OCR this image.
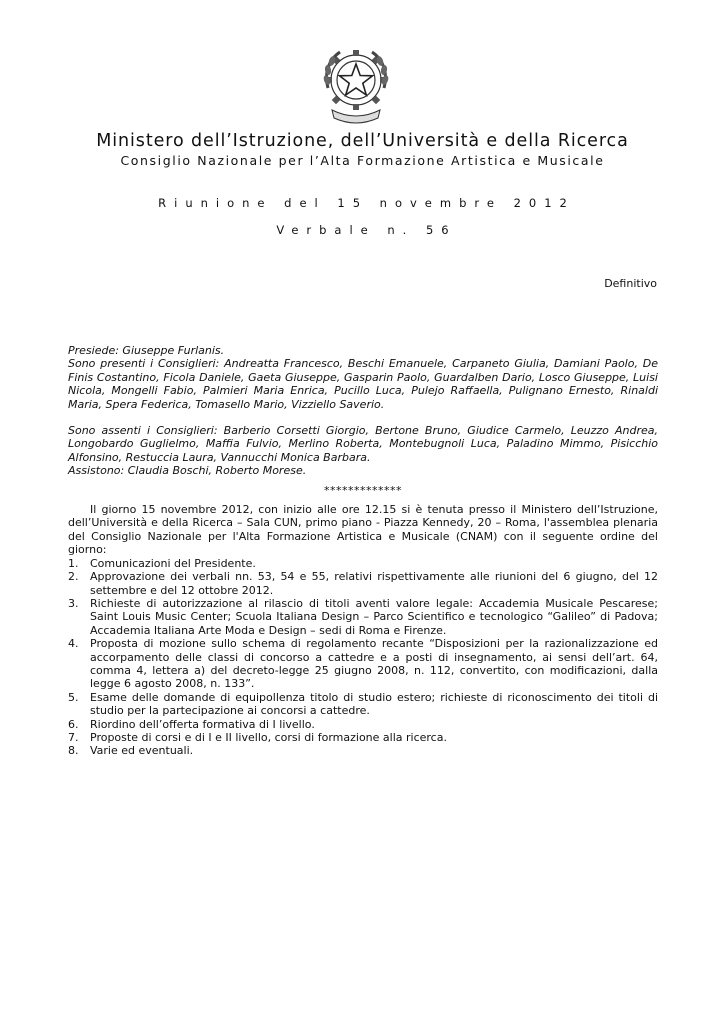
Ministero dell’Istruzione, dell’Università e della Ricerca
Consiglio Nazionale per l’Alta Formazione Artistica e Musicale
Riunione del 15 novembre 2012
Verbale n. 56
Definitivo

Presiede: Giuseppe Furlanis.

Sono presenti i Consiglieri: Andreatta Francesco, Beschi Emanuele, Carpaneto Giulia, Damiani Paolo, De Finis Costantino, Ficola Daniele, Gaeta Giuseppe, Gasparin Paolo, Guardalben Dario, Losco Giuseppe, Luisi Nicola, Mongelli Fabio, Palmieri Maria Enrica, Pucillo Luca, Pulejo Raffaella, Pulignano Ernesto, Rinaldi Maria, Spera Federica, Tomasello Mario, Vizziello Saverio.

Sono assenti i Consiglieri: Barberio Corsetti Giorgio, Bertone Bruno, Giudice Carmelo, Leuzzo Andrea, Longobardo Guglielmo, Maffia Fulvio, Merlino Roberta, Montebugnoli Luca, Paladino Mimmo, Pisicchio Alfonsino, Restuccia Laura, Vannucchi Monica Barbara.

Assistono: Claudia Boschi, Roberto Morese.

*************

Il giorno 15 novembre 2012, con inizio alle ore 12.15 si è tenuta presso il Ministero dell’Istruzione, dell’Università e della Ricerca – Sala CUN, primo piano - Piazza Kennedy, 20 – Roma, l'assemblea plenaria del Consiglio Nazionale per l'Alta Formazione Artistica e Musicale (CNAM) con il seguente ordine del giorno:

1. Comunicazioni del Presidente.
2. Approvazione dei verbali nn. 53, 54 e 55, relativi rispettivamente alle riunioni del 6 giugno, del 12 settembre e del 12 ottobre 2012.
3. Richieste di autorizzazione al rilascio di titoli aventi valore legale: Accademia Musicale Pescarese; Saint Louis Music Center; Scuola Italiana Design – Parco Scientifico e tecnologico “Galileo” di Padova; Accademia Italiana Arte Moda e Design – sedi di Roma e Firenze.
4. Proposta di mozione sullo schema di regolamento recante “Disposizioni per la razionalizzazione ed accorpamento delle classi di concorso a cattedre e a posti di insegnamento, ai sensi dell’art. 64, comma 4, lettera a) del decreto-legge 25 giugno 2008, n. 112, convertito, con modificazioni, dalla legge 6 agosto 2008, n. 133”.
5. Esame delle domande di equipollenza titolo di studio estero; richieste di riconoscimento dei titoli di studio per la partecipazione ai concorsi a cattedre.
6. Riordino dell’offerta formativa di I livello.
7. Proposte di corsi e di I e II livello, corsi di formazione alla ricerca.
8. Varie ed eventuali.
